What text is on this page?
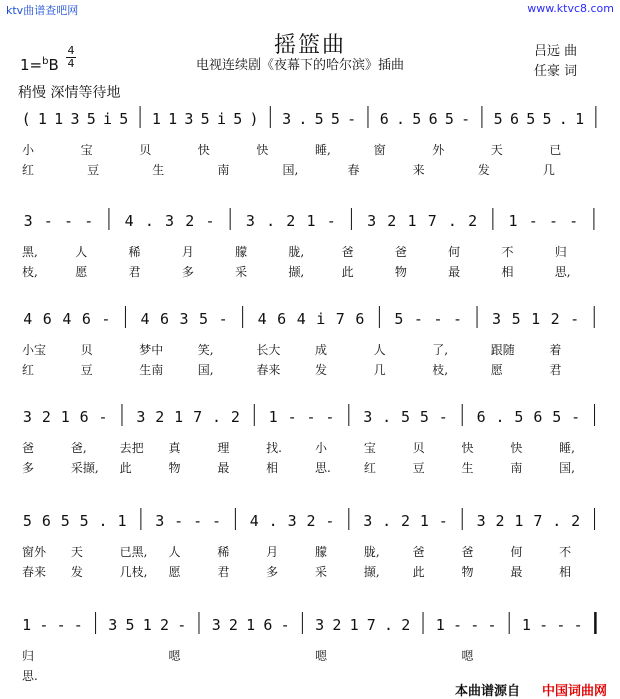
ktv曲谱查吧网	www.ktvc8.com
摇篮曲
电视连续剧《夜幕下的哈尔滨》插曲
吕远 曲
任豪 词
1=$^b$B
4
4
稍慢 深情等待地
( 1 1 3 5 i 5 1 1 3 5 i 5 ) 3 . 5 5 - 6 . 5 6 5 - 5 6 5 5 . 1
小	宝	贝	快	快	睡,	窗	外	天	已
红	豆	生	南	国,	春	来	发	几
3 - - - 4 . 3 2 - 3 . 2 1 - 3 2 1 7 . 2 1 - - -
黑,	人	稀	月	朦	胧,	爸	爸	何	不	归
枝,	愿	君	多	采	撷,	此	物	最	相	思,
4 6 4 6 - 4 6 3 5 - 4 6 4 i 7 6 5 - - - 3 5 1 2 -
小宝	贝	梦中	笑,	长大	成	人	了,	跟随	着
红	豆	生南	国,	春来	发	几	枝,	愿	君
3 2 1 6 - 3 2 1 7 . 2 1 - - - 3 . 5 5 - 6 . 5 6 5 -
爸	爸,	去把 真	理	找.	小	宝	贝	快	快	睡,
多	采撷, 此	物	最	相	思.	红	豆	生	南	国,
5 6 5 5 . 1 3 - - - 4 . 3 2 - 3 . 2 1 - 3 2 1 7 . 2
窗外 天	已黑, 人	稀	月	朦	胧,	爸	爸	何	不
春来 发	几枝, 愿	君	多	采	撷,	此	物	最	相
1 - - - 3 5 1 2 - 3 2 1 6 - 3 2 1 7 . 2 1 - - - 1 - - -
归	嗯	嗯	嗯
思.
本曲谱源自 中国词曲网
